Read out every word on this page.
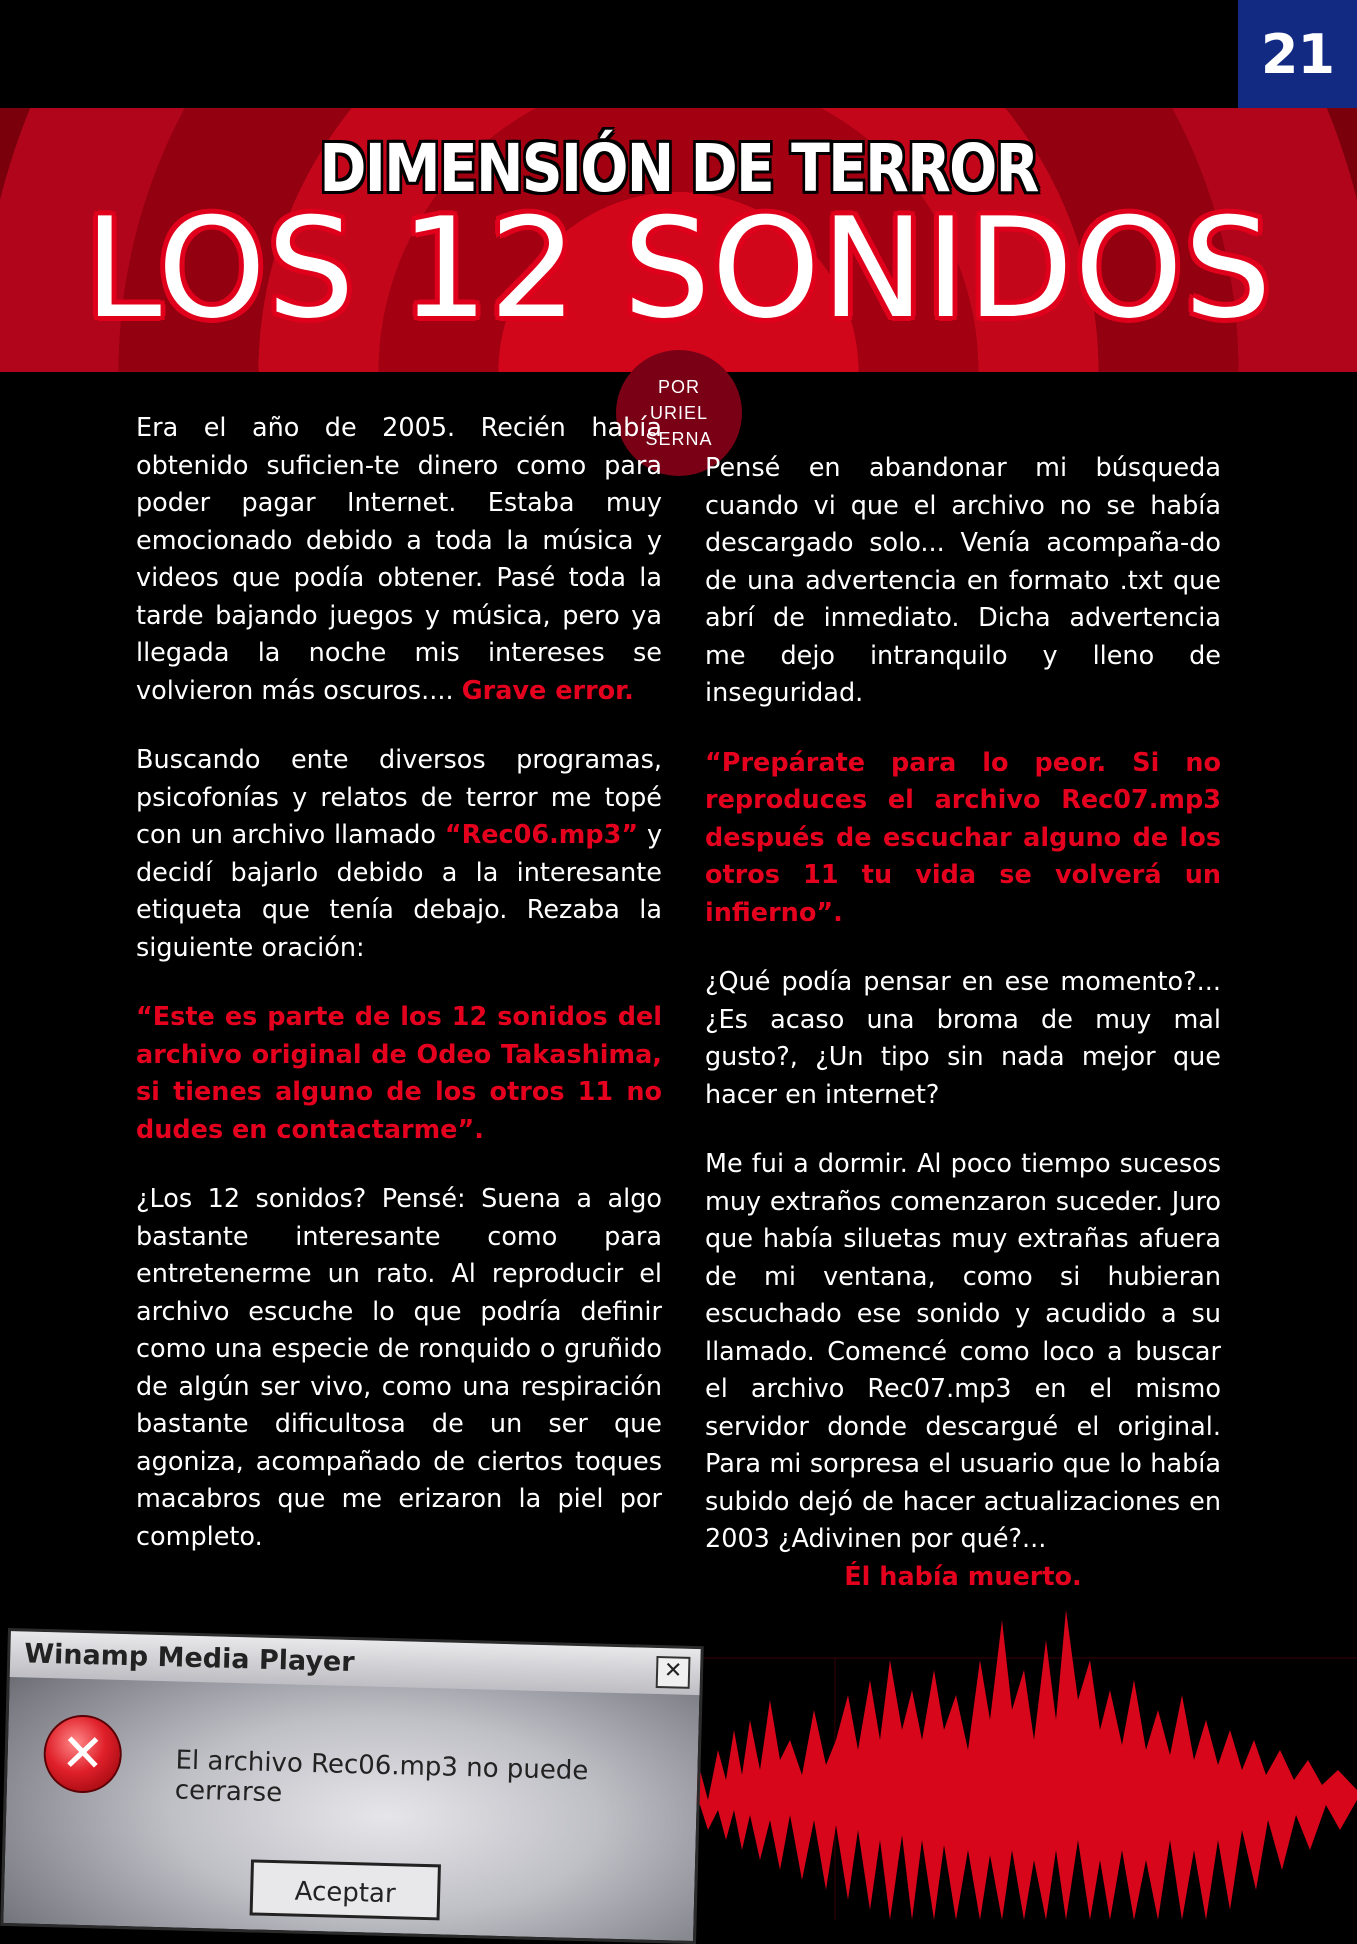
21
DIMENSIÓN DE TERROR
LOS 12 SONIDOS
POR
URIEL
SERNA

Era el año de 2005. Recién había obtenido suficien-te dinero como para poder pagar Internet. Estaba muy emocionado debido a toda la música y videos que podía obtener. Pasé toda la tarde bajando juegos y música, pero ya llegada la noche mis intereses se volvieron más oscuros.... Grave error.

Buscando ente diversos programas, psicofonías y relatos de terror me topé con un archivo llamado “Rec06.mp3” y decidí bajarlo debido a la interesante etiqueta que tenía debajo. Rezaba la siguiente oración:

“Este es parte de los 12 sonidos del archivo original de Odeo Takashima, si tienes alguno de los otros 11 no dudes en contactarme”.

¿Los 12 sonidos? Pensé: Suena a algo bastante interesante como para entretenerme un rato. Al reproducir el archivo escuche lo que podría definir como una especie de ronquido o gruñido de algún ser vivo, como una respiración bastante dificultosa de un ser que agoniza, acompañado de ciertos toques macabros que me erizaron la piel por completo.

Pensé en abandonar mi búsqueda cuando vi que el archivo no se había descargado solo... Venía acompaña-do de una advertencia en formato .txt que abrí de inmediato. Dicha advertencia me dejo intranquilo y lleno de inseguridad.

“Prepárate para lo peor. Si no reproduces el archivo Rec07.mp3 después de escuchar alguno de los otros 11 tu vida se volverá un infierno”.

¿Qué podía pensar en ese momento?... ¿Es acaso una broma de muy mal gusto?, ¿Un tipo sin nada mejor que hacer en internet?

Me fui a dormir. Al poco tiempo sucesos muy extraños comenzaron suceder. Juro que había siluetas muy extrañas afuera de mi ventana, como si hubieran escuchado ese sonido y acudido a su llamado. Comencé como loco a buscar el archivo Rec07.mp3 en el mismo servidor donde descargué el original. Para mi sorpresa el usuario que lo había subido dejó de hacer actualizaciones en 2003 ¿Adivinen por qué?...

Él había muerto.

Winamp Media Player	✕
✕	El archivo Rec06.mp3 no puede cerrarse
Aceptar
